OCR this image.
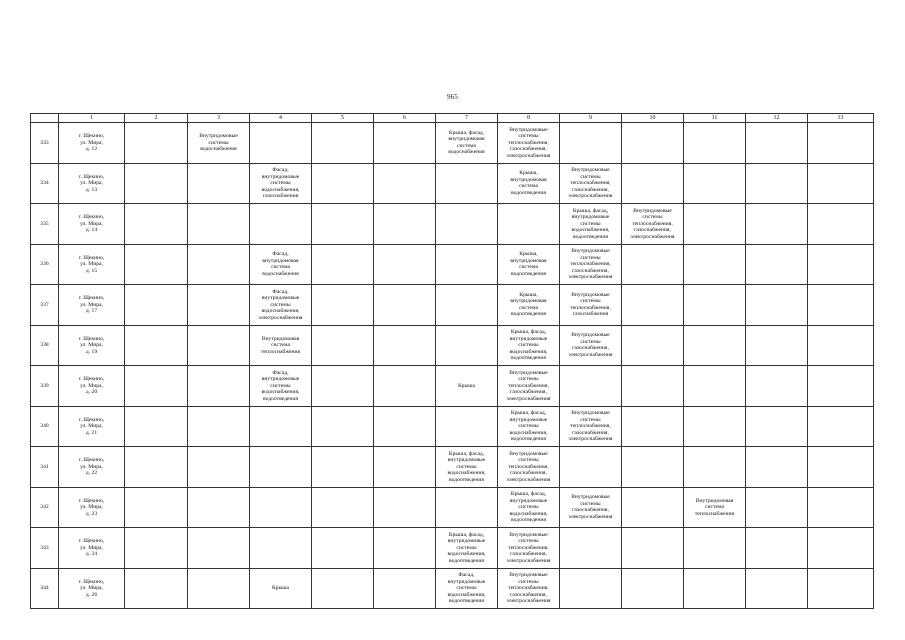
965
	1	2	3	4	5	6	7	8	9	10	11	12	13
333	г. Щекино,
ул. Мира,
д. 12		Внутридомовые
системы
водоснабжения				Крыша, фасад,
внутридомовая
система
водоснабжения	Внутридомовые
системы
теплоснабжения,
газоснабжения,
электроснабжения					
334	г. Щекино,
ул. Мира,
д. 13			Фасад,
внутридомовые
системы
водоснабжения,
газоснабжения				Крыша,
внутридомовая
система
водоотведения	Внутридомовые
системы
теплоснабжения,
газоснабжения,
электроснабжения				
335	г. Щекино,
ул. Мира,
д. 14								Крыша, фасад,
внутридомовые
системы
водоснабжения,
водоотведения	Внутридомовые
системы
теплоснабжения,
газоснабжения,
электроснабжения			
336	г. Щекино,
ул. Мира,
д. 15			Фасад,
внутридомовая
система
водоснабжения				Крыша,
внутридомовая
система
водоотведения	Внутридомовые
системы
теплоснабжения,
газоснабжения,
электроснабжения				
337	г. Щекино,
ул. Мира,
д. 17			Фасад,
внутридомовые
системы
водоснабжения,
электроснабжения				Крыша,
внутридомовая
система
водоотведения	Внутридомовые
системы
теплоснабжения,
газоснабжения				
338	г. Щекино,
ул. Мира,
д. 19			Внутридомовая
система
теплоснабжения				Крыша, фасад,
внутридомовые
системы
водоснабжения,
водоотведения	Внутридомовые
системы
газоснабжения,
электроснабжения				
339	г. Щекино,
ул. Мира,
д. 20			Фасад,
внутридомовые
системы
водоснабжения,
водоотведения			Крыша	Внутридомовые
системы
теплоснабжения,
газоснабжения,
электроснабжения					
340	г. Щекино,
ул. Мира,
д. 21							Крыша, фасад,
внутридомовые
системы
водоснабжения,
водоотведения	Внутридомовые
системы
теплоснабжения,
газоснабжения,
электроснабжения				
341	г. Щекино,
ул. Мира,
д. 22						Крыша, фасад,
внутридомовые
системы
водоснабжения,
водоотведения	Внутридомовые
системы
теплоснабжения,
газоснабжения,
электроснабжения					
342	г. Щекино,
ул. Мира,
д. 23							Крыша, фасад,
внутридомовые
системы
водоснабжения,
водоотведения	Внутридомовые
системы
газоснабжения,
электроснабжения		Внутридомовая
система
теплоснабжения		
343	г. Щекино,
ул. Мира,
д. 24						Крыша, фасад,
внутридомовые
системы
водоснабжения,
водоотведения	Внутридомовые
системы
теплоснабжения,
газоснабжения,
электроснабжения					
344	г. Щекино,
ул. Мира,
д. 26			Крыша			Фасад,
внутридомовые
системы
водоснабжения,
водоотведения	Внутридомовые
системы
теплоснабжения,
газоснабжения,
электроснабжения					
